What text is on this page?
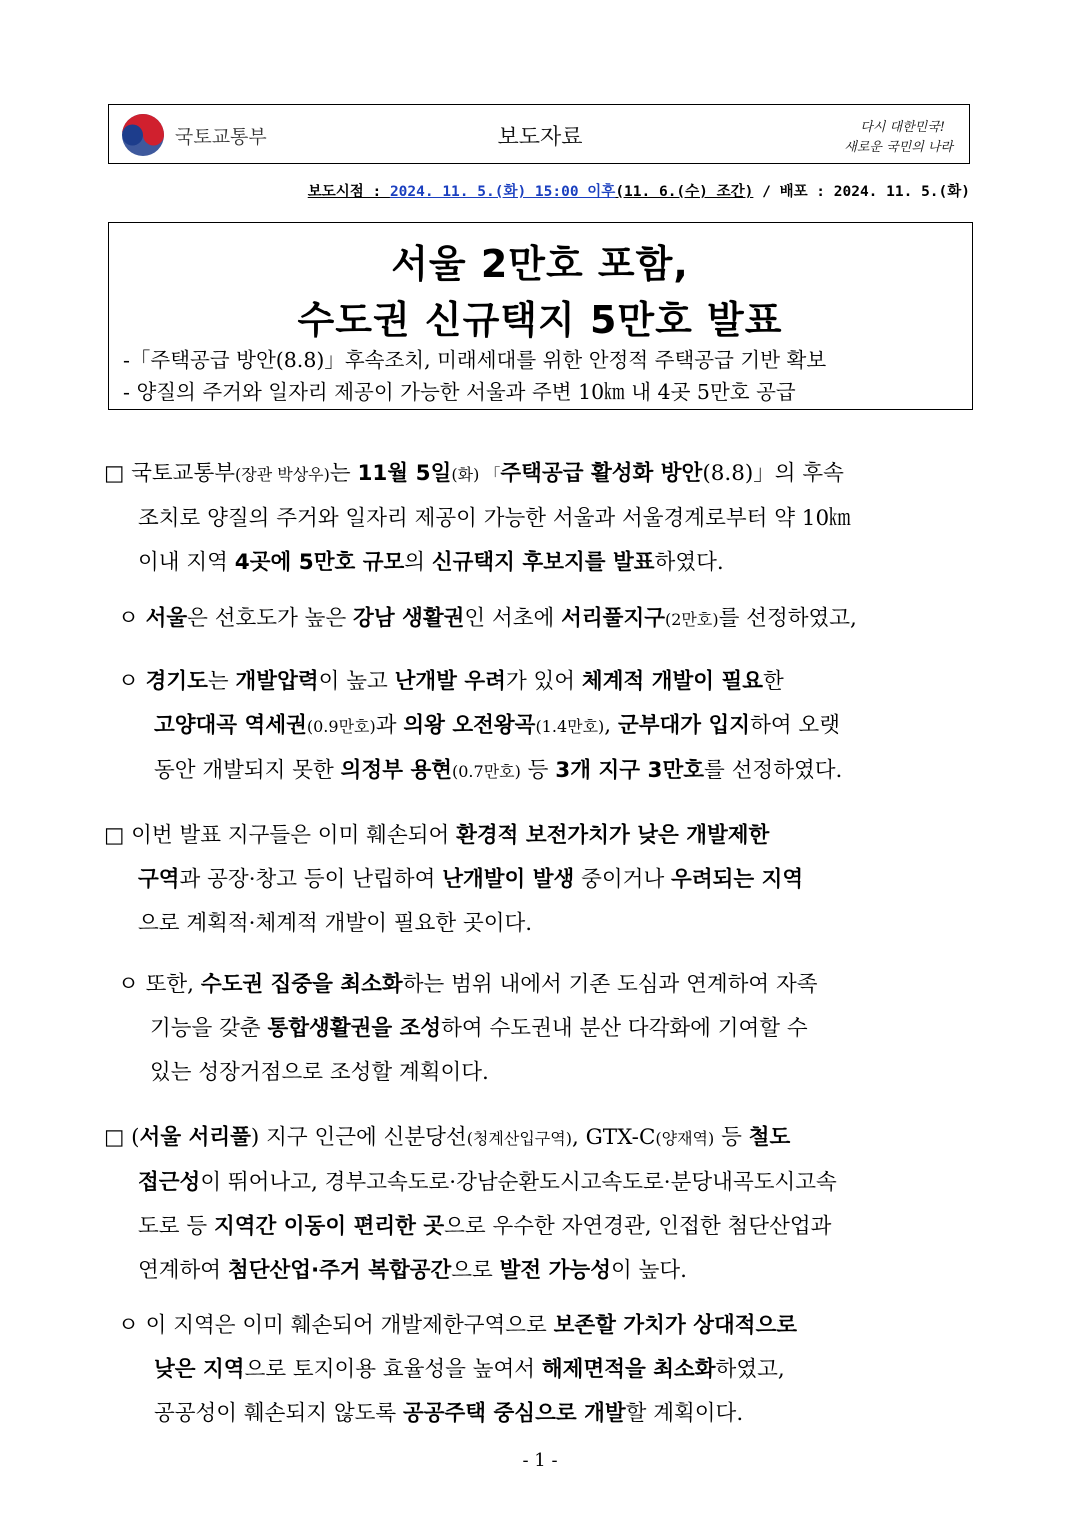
국토교통부	보도자료	다시 대한민국!
새로운 국민의 나라
보도시점 : 2024. 11. 5.(화) 15:00 이후(11. 6.(수) 조간) / 배포 : 2024. 11. 5.(화)
서울 2만호 포함,
수도권 신규택지 5만호 발표
-「주택공급 방안(8.8)」후속조치, 미래세대를 위한 안정적 주택공급 기반 확보
- 양질의 주거와 일자리 제공이 가능한 서울과 주변 10㎞ 내 4곳 5만호 공급
□ 국토교통부(장관 박상우)는 11월 5일(화) 「주택공급 활성화 방안(8.8)」의 후속
조치로 양질의 주거와 일자리 제공이 가능한 서울과 서울경계로부터 약 10㎞
이내 지역 4곳에 5만호 규모의 신규택지 후보지를 발표하였다.
ㅇ 서울은 선호도가 높은 강남 생활권인 서초에 서리풀지구(2만호)를 선정하였고,
ㅇ 경기도는 개발압력이 높고 난개발 우려가 있어 체계적 개발이 필요한
고양대곡 역세권(0.9만호)과 의왕 오전왕곡(1.4만호), 군부대가 입지하여 오랫
동안 개발되지 못한 의정부 용현(0.7만호) 등 3개 지구 3만호를 선정하였다.
□ 이번 발표 지구들은 이미 훼손되어 환경적 보전가치가 낮은 개발제한
구역과 공장·창고 등이 난립하여 난개발이 발생 중이거나 우려되는 지역
으로 계획적·체계적 개발이 필요한 곳이다.
ㅇ 또한, 수도권 집중을 최소화하는 범위 내에서 기존 도심과 연계하여 자족
기능을 갖춘 통합생활권을 조성하여 수도권내 분산 다각화에 기여할 수
있는 성장거점으로 조성할 계획이다.
□ (서울 서리풀) 지구 인근에 신분당선(청계산입구역), GTX-C(양재역) 등 철도
접근성이 뛰어나고, 경부고속도로·강남순환도시고속도로·분당내곡도시고속
도로 등 지역간 이동이 편리한 곳으로 우수한 자연경관, 인접한 첨단산업과
연계하여 첨단산업·주거 복합공간으로 발전 가능성이 높다.
ㅇ 이 지역은 이미 훼손되어 개발제한구역으로 보존할 가치가 상대적으로
낮은 지역으로 토지이용 효율성을 높여서 해제면적을 최소화하였고,
공공성이 훼손되지 않도록 공공주택 중심으로 개발할 계획이다.
- 1 -
